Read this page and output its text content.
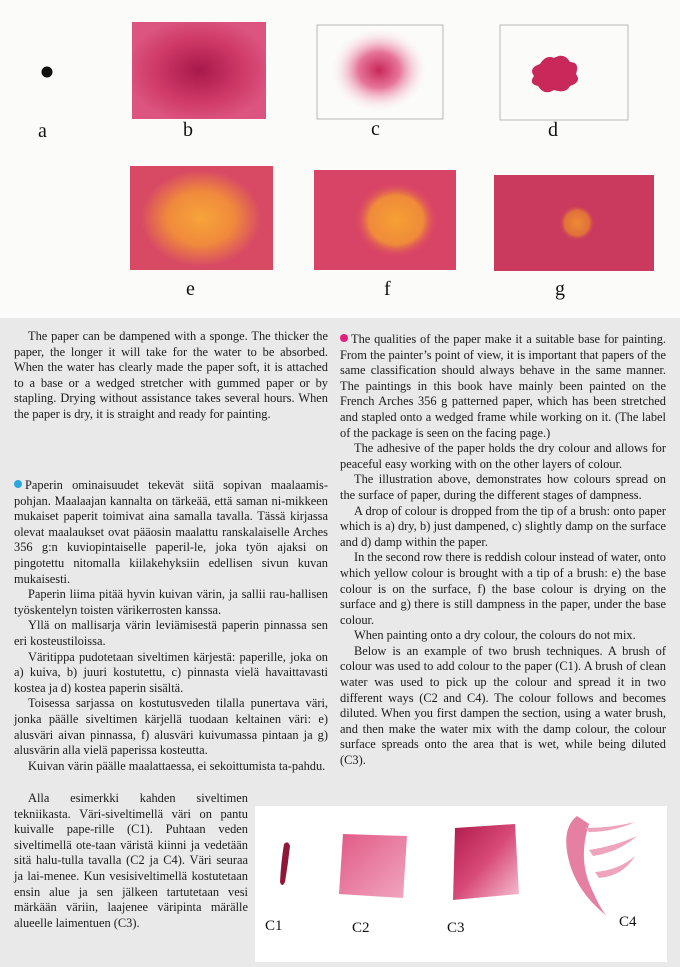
a	b	c	d
e	f	g

The paper can be dampened with a sponge. The thicker the paper, the longer it will take for the water to be absorbed. When the water has clearly made the paper soft, it is attached to a base or a wedged stretcher with gummed paper or by stapling. Drying without assistance takes several hours. When the paper is dry, it is straight and ready for painting.

Paperin ominaisuudet tekevät siitä sopivan maalaamis-pohjan. Maalaajan kannalta on tärkeää, että saman ni-mikkeen mukaiset paperit toimivat aina samalla tavalla. Tässä kirjassa olevat maalaukset ovat pääosin maalattu ranskalaiselle Arches 356 g:n kuviopintaiselle paperil-le, joka työn ajaksi on pingotettu nitomalla kiilakehyksiin edellisen sivun kuvan mukaisesti.

Paperin liima pitää hyvin kuivan värin, ja sallii rau-hallisen työskentelyn toisten värikerrosten kanssa.

Yllä on mallisarja värin leviämisestä paperin pinnassa sen eri kosteustiloissa.

Väritippa pudotetaan siveltimen kärjestä: paperille, joka on a) kuiva, b) juuri kostutettu, c) pinnasta vielä havaittavasti kostea ja d) kostea paperin sisältä.

Toisessa sarjassa on kostutusveden tilalla punertava väri, jonka päälle siveltimen kärjellä tuodaan keltainen väri: e) alusväri aivan pinnassa, f) alusväri kuivumassa pintaan ja g) alusvärin alla vielä paperissa kosteutta.

Kuivan värin päälle maalattaessa, ei sekoittumista ta-pahdu.

Alla esimerkki kahden siveltimen tekniikasta. Väri-siveltimellä väri on pantu kuivalle pape-rille (C1). Puhtaan veden siveltimellä ote-taan väristä kiinni ja vedetään sitä halu-tulla tavalla (C2 ja C4). Väri seuraa ja lai-menee. Kun vesisiveltimellä kostutetaan ensin alue ja sen jälkeen tartutetaan vesi märkään väriin, laajenee väripinta märälle alueelle laimentuen (C3).

The qualities of the paper make it a suitable base for painting. From the painter’s point of view, it is important that papers of the same classification should always behave in the same manner. The paintings in this book have mainly been painted on the French Arches 356 g patterned paper, which has been stretched and stapled onto a wedged frame while working on it. (The label of the package is seen on the facing page.)

The adhesive of the paper holds the dry colour and allows for peaceful easy working with on the other layers of colour.

The illustration above, demonstrates how colours spread on the surface of paper, during the different stages of dampness.

A drop of colour is dropped from the tip of a brush: onto paper which is a) dry, b) just dampened, c) slightly damp on the surface and d) damp within the paper.

In the second row there is reddish colour instead of water, onto which yellow colour is brought with a tip of a brush: e) the base colour is on the surface, f) the base colour is drying on the surface and g) there is still dampness in the paper, under the base colour.

When painting onto a dry colour, the colours do not mix.

Below is an example of two brush techniques. A brush of colour was used to add colour to the paper (C1). A brush of clean water was used to pick up the colour and spread it in two different ways (C2 and C4). The colour follows and becomes diluted. When you first dampen the section, using a water brush, and then make the water mix with the damp colour, the colour surface spreads onto the area that is wet, while being diluted (C3).

C1	C2	C3	C4
